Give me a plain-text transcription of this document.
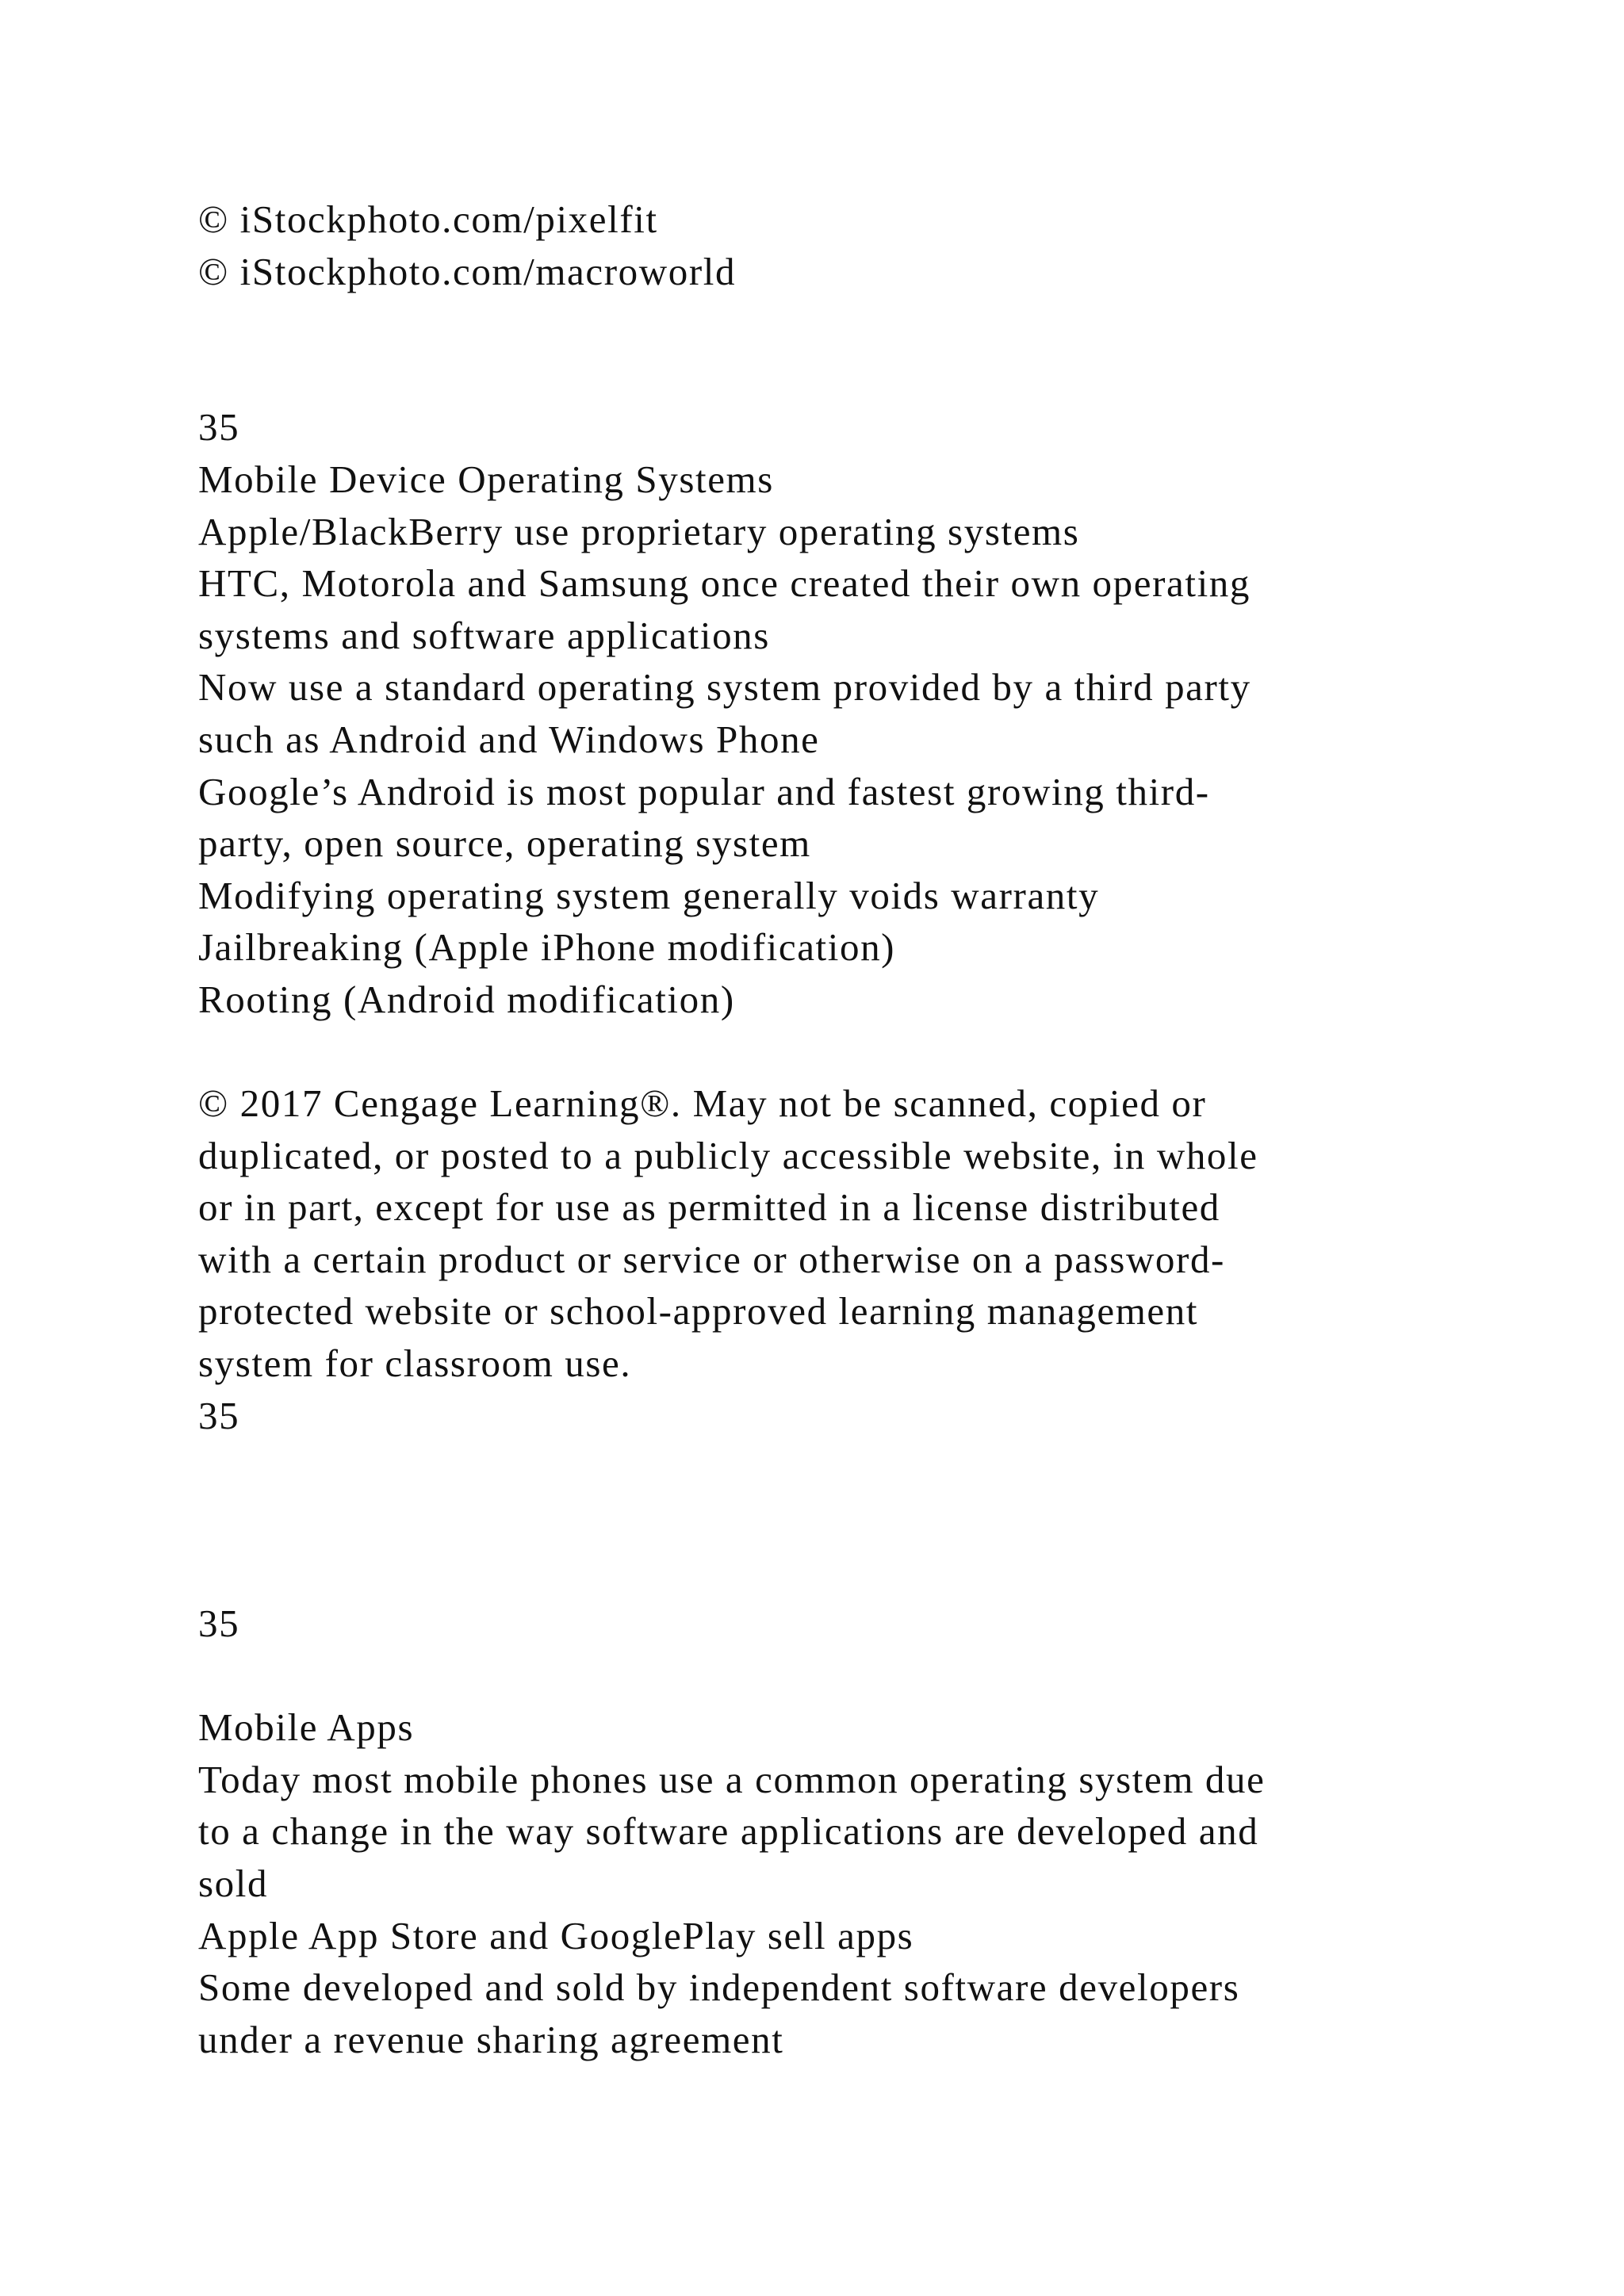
© iStockphoto.com/pixelfit
© iStockphoto.com/macroworld
35
Mobile Device Operating Systems
Apple/BlackBerry use proprietary operating systems
HTC, Motorola and Samsung once created their own operating
systems and software applications
Now use a standard operating system provided by a third party
such as Android and Windows Phone
Google’s Android is most popular and fastest growing third-
party, open source, operating system
Modifying operating system generally voids warranty
Jailbreaking (Apple iPhone modification)
Rooting (Android modification)
© 2017 Cengage Learning®. May not be scanned, copied or
duplicated, or posted to a publicly accessible website, in whole
or in part, except for use as permitted in a license distributed
with a certain product or service or otherwise on a password-
protected website or school-approved learning management
system for classroom use.
35
35
Mobile Apps
Today most mobile phones use a common operating system due
to a change in the way software applications are developed and
sold
Apple App Store and GooglePlay sell apps
Some developed and sold by independent software developers
under a revenue sharing agreement
